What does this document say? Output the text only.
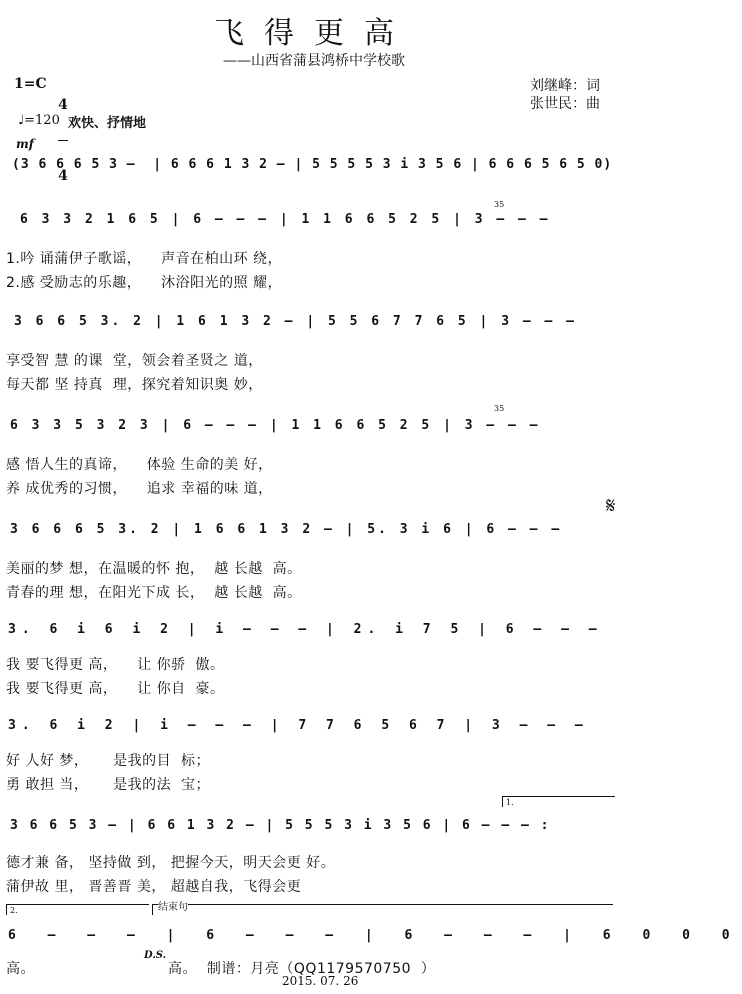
飞得更高
——山西省蒲县鸿桥中学校歌
1=C

4

4

刘继峰：词
张世民：曲
♩=120 欢快、抒情地
mf
(3 6 6 6 5 3 –  | 6 6 6 1 3 2 – | 5 5 5 5 3 i 3 5 6 | 6 6 6 5 6 5 0)
6 3 3 2 1 6 5 | 6 – – – | 1 1 6 6 5 2 5 | 3 – – –
35
1.吟 诵蒲伊子歌谣，    声音在柏山环 绕，
2.感 受励志的乐趣，    沐浴阳光的照 耀，
3 6 6 5 3. 2 | 1 6 1 3 2 – | 5 5 6 7 7 6 5 | 3 – – –
享受智 慧 的课  堂，领会着圣贤之 道，
每天都 坚 持真  理，探究着知识奥 妙，
6 3 3 5 3 2 3 | 6 – – – | 1 1 6 6 5 2 5 | 3 – – –
35
感 悟人生的真谛，    体验 生命的美 好，
养 成优秀的习惯，    追求 幸福的味 道，
3 6 6 6 5 3. 2 | 1 6 6 1 3 2 – | 5. 3 i 6 | 6 – – –
𝄋
美丽的梦 想，在温暖的怀 抱，  越 长越  高。
青春的理 想，在阳光下成 长，  越 长越  高。
3. 6 i 6 i 2 | i – – – | 2. i 7 5 | 6 – – –
我 要飞得更 高，    让 你骄  傲。
我 要飞得更 高，    让 你自  豪。
3. 6 i 2 | i – – – | 7 7 6 5 6 7 | 3 – – –
好 人好 梦，     是我的目  标；
勇 敢担 当，     是我的法  宝；
1.
3 6 6 5 3 – | 6 6 1 3 2 – | 5 5 5 3 i 3 5 6 | 6 – – – :
德才兼 备， 坚持做 到， 把握今天，明天会更 好。
蒲伊故 里， 晋善晋 美， 超越自我，飞得会更
2.	结束句
6 – – – | 6 – – – | 6 – – – | 6 0 0 0
高。
D.S.
高。  制谱：月亮（QQ1179570750  ）
2015. 07. 26
